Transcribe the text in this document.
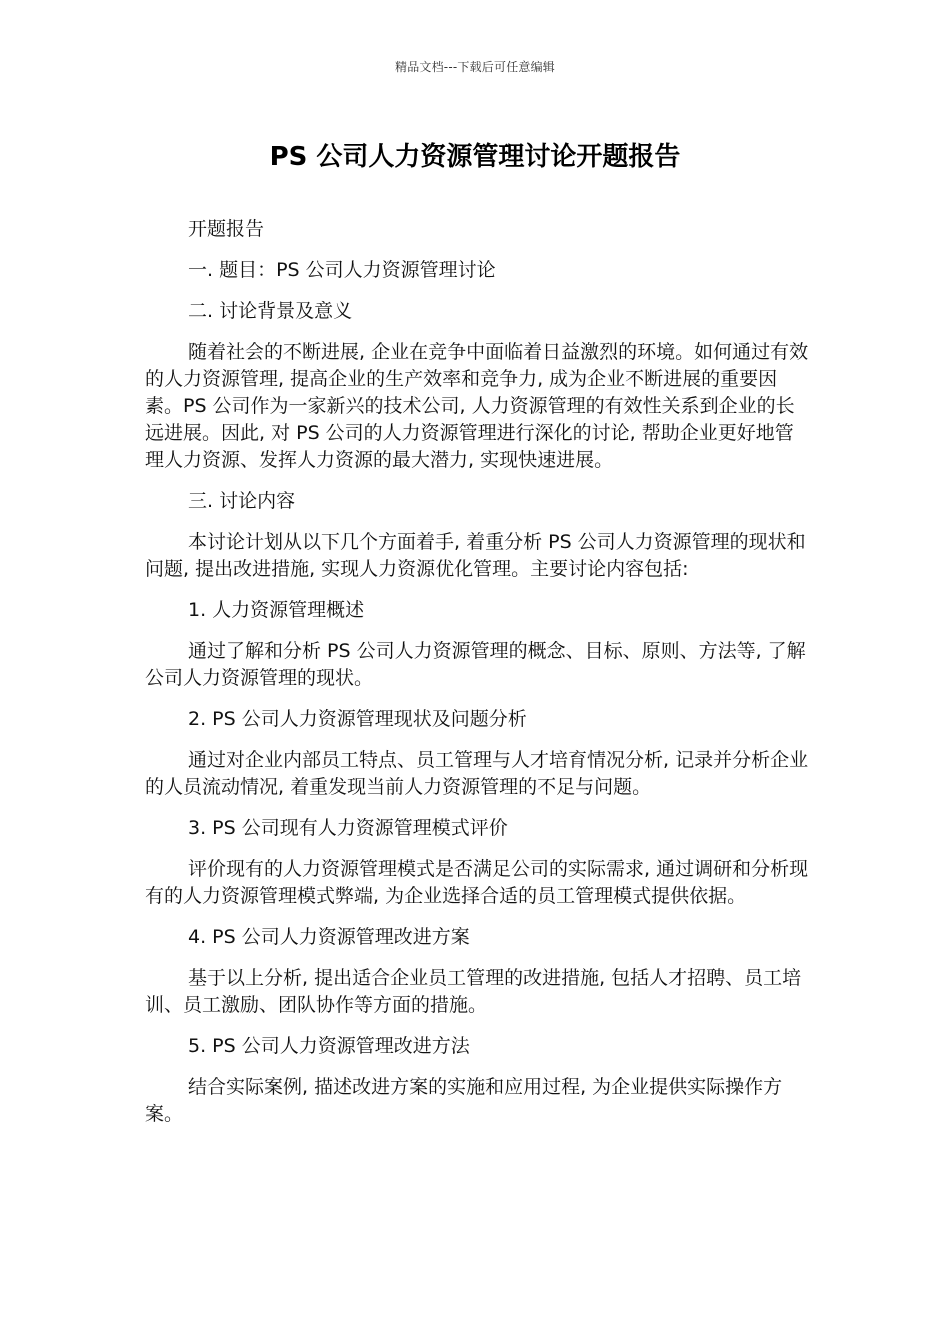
精品文档---下载后可任意编辑
PS 公司人力资源管理讨论开题报告

开题报告

一. 题目：PS 公司人力资源管理讨论

二. 讨论背景及意义

随着社会的不断进展, 企业在竞争中面临着日益激烈的环境。如何通过有效的人力资源管理, 提高企业的生产效率和竞争力, 成为企业不断进展的重要因素。PS 公司作为一家新兴的技术公司, 人力资源管理的有效性关系到企业的长远进展。因此, 对 PS 公司的人力资源管理进行深化的讨论, 帮助企业更好地管理人力资源、发挥人力资源的最大潜力, 实现快速进展。

三. 讨论内容

本讨论计划从以下几个方面着手, 着重分析 PS 公司人力资源管理的现状和问题, 提出改进措施, 实现人力资源优化管理。主要讨论内容包括:

1. 人力资源管理概述

通过了解和分析 PS 公司人力资源管理的概念、目标、原则、方法等, 了解公司人力资源管理的现状。

2. PS 公司人力资源管理现状及问题分析

通过对企业内部员工特点、员工管理与人才培育情况分析, 记录并分析企业的人员流动情况, 着重发现当前人力资源管理的不足与问题。

3. PS 公司现有人力资源管理模式评价

评价现有的人力资源管理模式是否满足公司的实际需求, 通过调研和分析现有的人力资源管理模式弊端, 为企业选择合适的员工管理模式提供依据。

4. PS 公司人力资源管理改进方案

基于以上分析, 提出适合企业员工管理的改进措施, 包括人才招聘、员工培训、员工激励、团队协作等方面的措施。

5. PS 公司人力资源管理改进方法

结合实际案例, 描述改进方案的实施和应用过程, 为企业提供实际操作方案。
